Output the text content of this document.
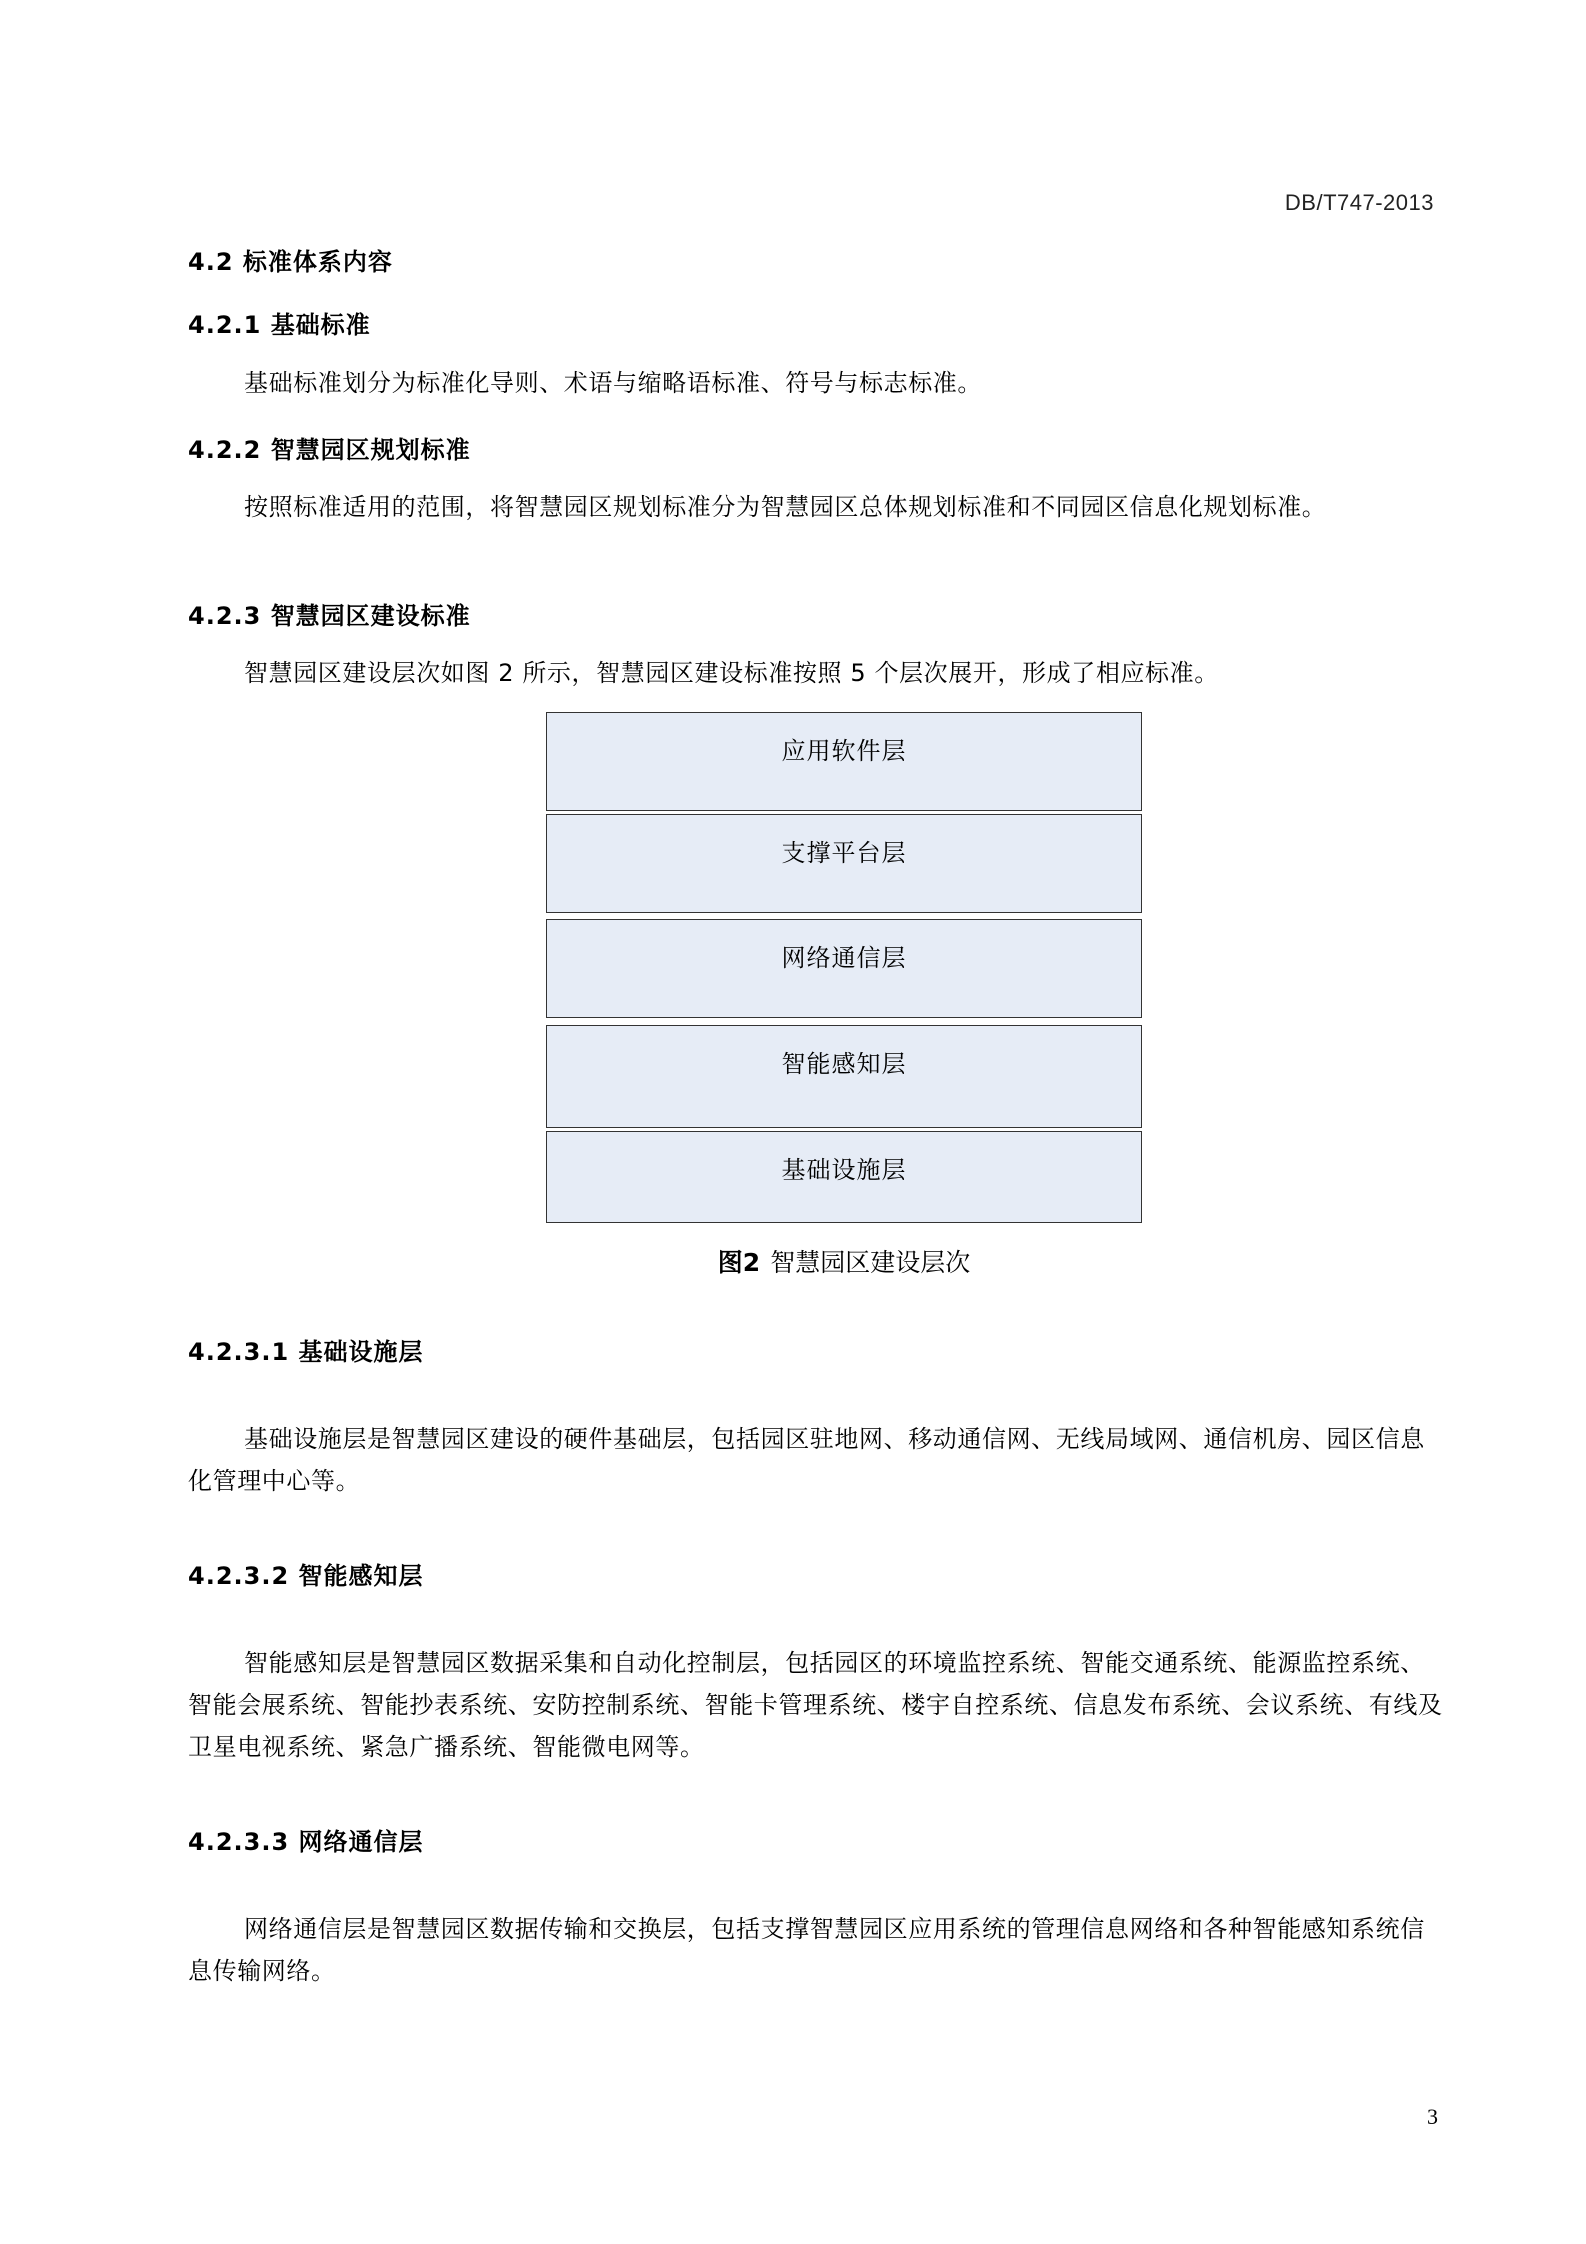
DB/T747-2013
4.2 标准体系内容
4.2.1 基础标准
基础标准划分为标准化导则、术语与缩略语标准、符号与标志标准。
4.2.2 智慧园区规划标准
按照标准适用的范围，将智慧园区规划标准分为智慧园区总体规划标准和不同园区信息化规划标准。
4.2.3 智慧园区建设标准
智慧园区建设层次如图 2 所示，智慧园区建设标准按照 5 个层次展开，形成了相应标准。
应用软件层
支撑平台层
网络通信层
智能感知层
基础设施层
图2 智慧园区建设层次
4.2.3.1 基础设施层
基础设施层是智慧园区建设的硬件基础层，包括园区驻地网、移动通信网、无线局域网、通信机房、园区信息化管理中心等。
4.2.3.2 智能感知层
智能感知层是智慧园区数据采集和自动化控制层，包括园区的环境监控系统、智能交通系统、能源监控系统、智能会展系统、智能抄表系统、安防控制系统、智能卡管理系统、楼宇自控系统、信息发布系统、会议系统、有线及卫星电视系统、紧急广播系统、智能微电网等。
4.2.3.3 网络通信层
网络通信层是智慧园区数据传输和交换层，包括支撑智慧园区应用系统的管理信息网络和各种智能感知系统信息传输网络。
3
